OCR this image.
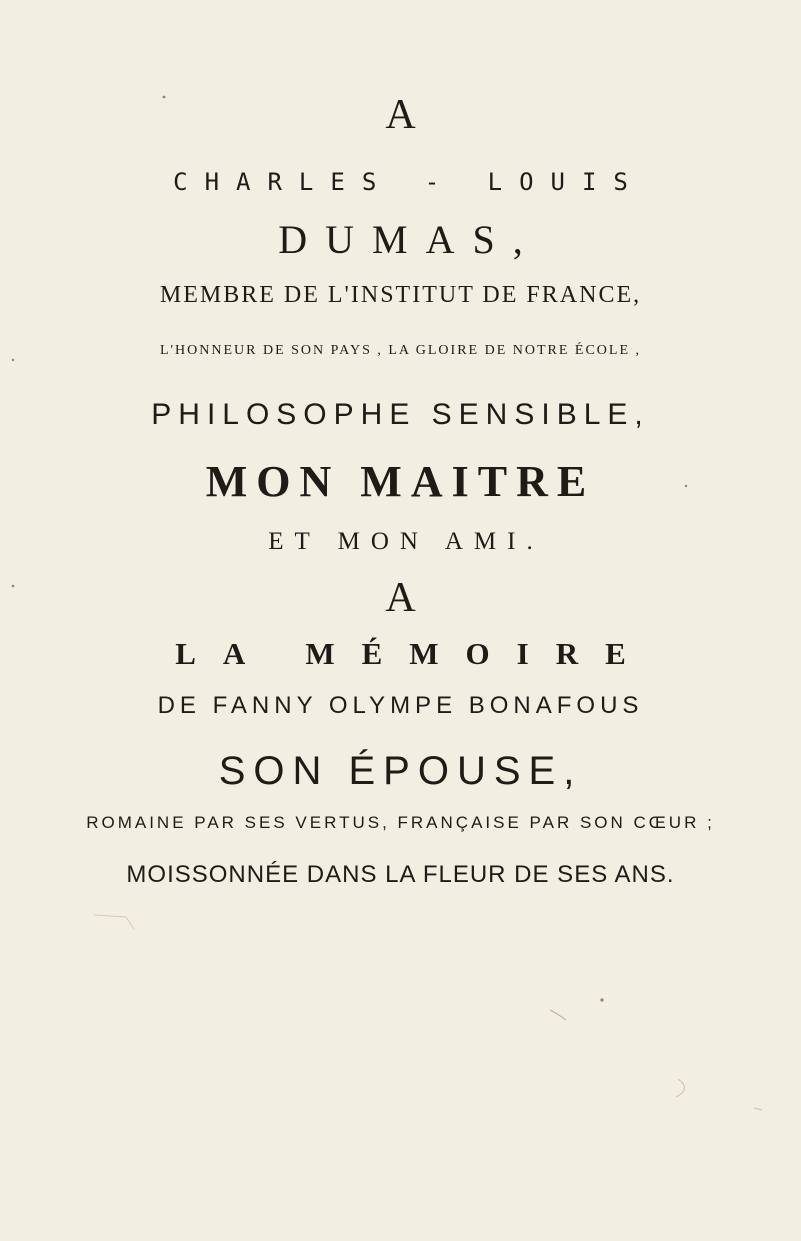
A
CHARLES - LOUIS
DUMAS,
MEMBRE DE L'INSTITUT DE FRANCE,
L'HONNEUR DE SON PAYS , LA GLOIRE DE NOTRE ÉCOLE ,
PHILOSOPHE SENSIBLE,
MON MAITRE
ET MON AMI.
A
LA MÉMOIRE
DE FANNY OLYMPE BONAFOUS
SON ÉPOUSE,
ROMAINE PAR SES VERTUS, FRANÇAISE PAR SON CŒUR ;
MOISSONNÉE DANS LA FLEUR DE SES ANS.
